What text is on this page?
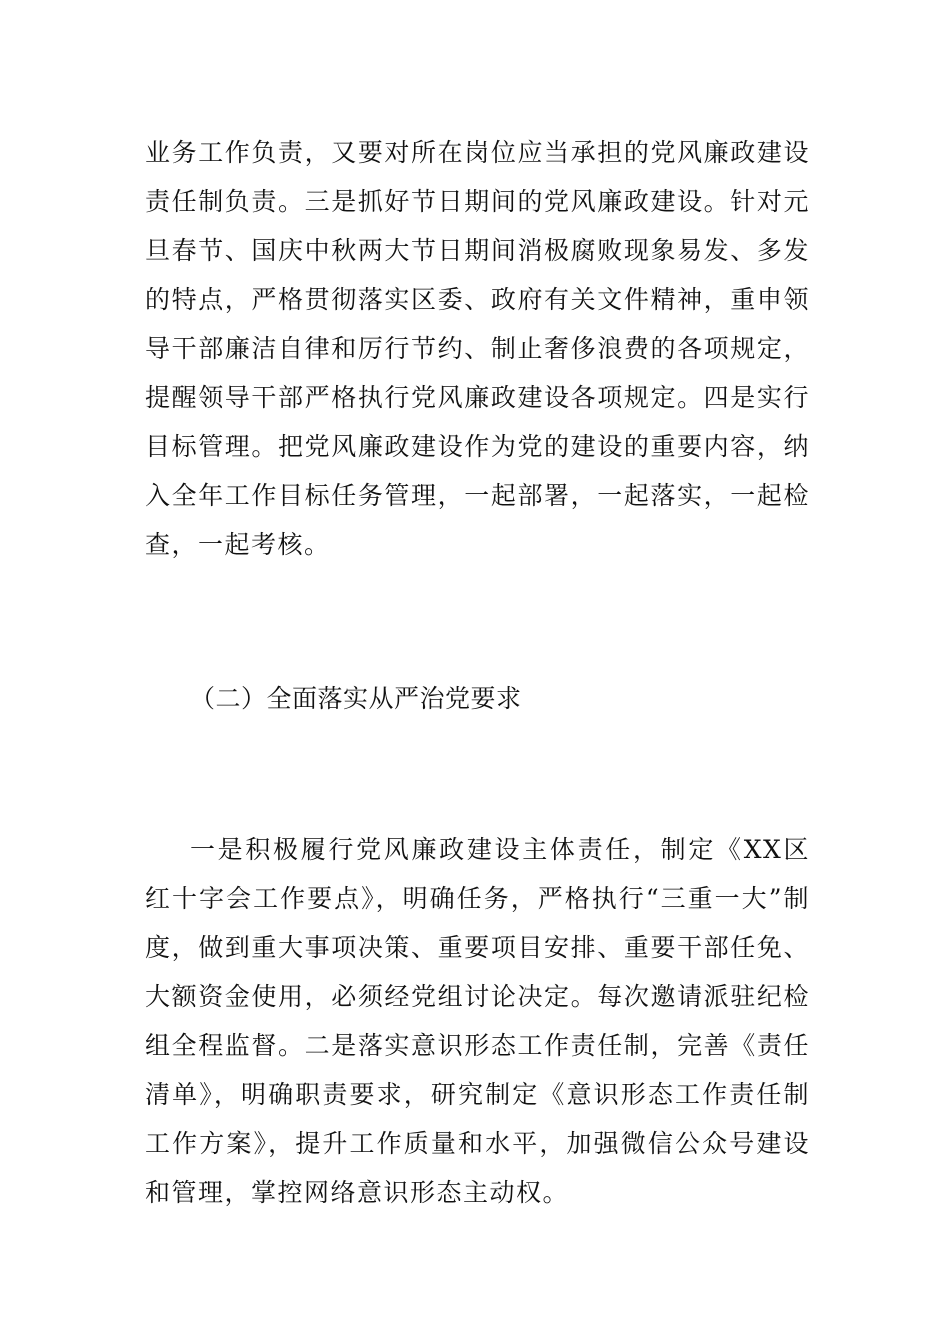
业务工作负责，又要对所在岗位应当承担的党风廉政建设责任制负责。三是抓好节日期间的党风廉政建设。针对元旦春节、国庆中秋两大节日期间消极腐败现象易发、多发的特点，严格贯彻落实区委、政府有关文件精神，重申领导干部廉洁自律和厉行节约、制止奢侈浪费的各项规定，提醒领导干部严格执行党风廉政建设各项规定。四是实行目标管理。把党风廉政建设作为党的建设的重要内容，纳入全年工作目标任务管理，一起部署，一起落实，一起检查，一起考核。

（二）全面落实从严治党要求

一是积极履行党风廉政建设主体责任，制定《XX区红十字会工作要点》，明确任务，严格执行“三重一大”制度，做到重大事项决策、重要项目安排、重要干部任免、大额资金使用，必须经党组讨论决定。每次邀请派驻纪检组全程监督。二是落实意识形态工作责任制，完善《责任清单》，明确职责要求，研究制定《意识形态工作责任制工作方案》，提升工作质量和水平，加强微信公众号建设和管理，掌控网络意识形态主动权。
